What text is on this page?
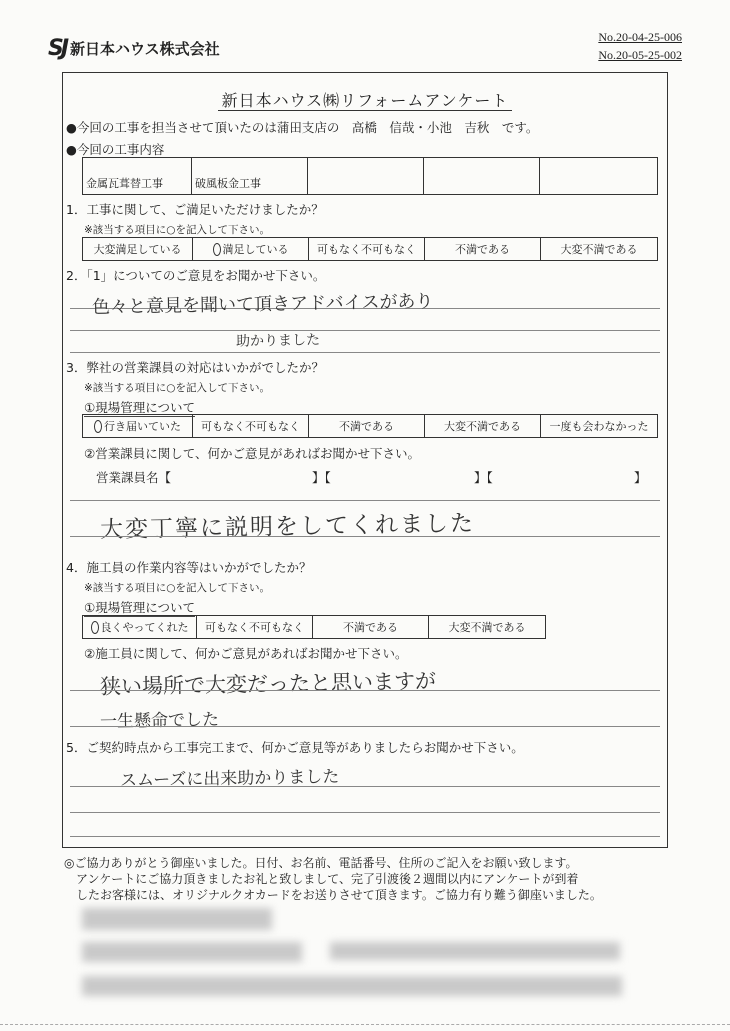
SJ 新日本ハウス株式会社
No.20-04-25-006
No.20-05-25-002
新日本ハウス㈱リフォームアンケート
●今回の工事を担当させて頂いたのは蒲田支店の　高橋　信哉・小池　吉秋　です。
●今回の工事内容
金属瓦葺替工事	破風板金工事
1．工事に関して、ご満足いただけましたか？
※該当する項目に○を記入して下さい。
大変満足している	満足している	可もなく不可もなく	不満である	大変不満である
2．「1」についてのご意見をお聞かせ下さい。
色々と意見を聞いて頂きアドバイスがあり
助かりました
3．弊社の営業課員の対応はいかがでしたか？
※該当する項目に○を記入して下さい。
①現場管理について
行き届いていた	可もなく不可もなく	不満である	大変不満である	一度も会わなかった
②営業課員に関して、何かご意見があればお聞かせ下さい。
営業課員名【	】【	】【	】
大変丁寧に説明をしてくれました
4．施工員の作業内容等はいかがでしたか？
※該当する項目に○を記入して下さい。
①現場管理について
良くやってくれた	可もなく不可もなく	不満である	大変不満である
②施工員に関して、何かご意見があればお聞かせ下さい。
狭い場所で大変だったと思いますが
一生懸命でした
5．ご契約時点から工事完工まで、何かご意見等がありましたらお聞かせ下さい。
スムーズに出来助かりました
◎ご協力ありがとう御座いました。日付、お名前、電話番号、住所のご記入をお願い致します。
　アンケートにご協力頂きましたお礼と致しまして、完了引渡後２週間以内にアンケートが到着
　したお客様には、オリジナルクオカードをお送りさせて頂きます。ご協力有り難う御座いました。
